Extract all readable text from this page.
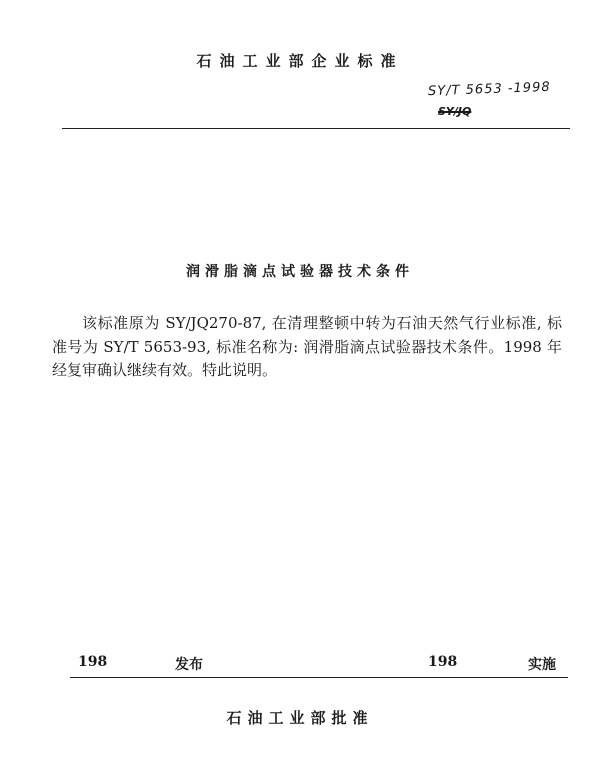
石油工业部企业标准
SY/T 5653 -1998
SY/JQ
润滑脂滴点试验器技术条件

该标准原为 SY/JQ270-87, 在清理整顿中转为石油天然气行业标准, 标准号为 SY/T 5653-93, 标准名称为: 润滑脂滴点试验器技术条件。1998 年经复审确认继续有效。特此说明。

198	发布	198	实施
石油工业部批准
